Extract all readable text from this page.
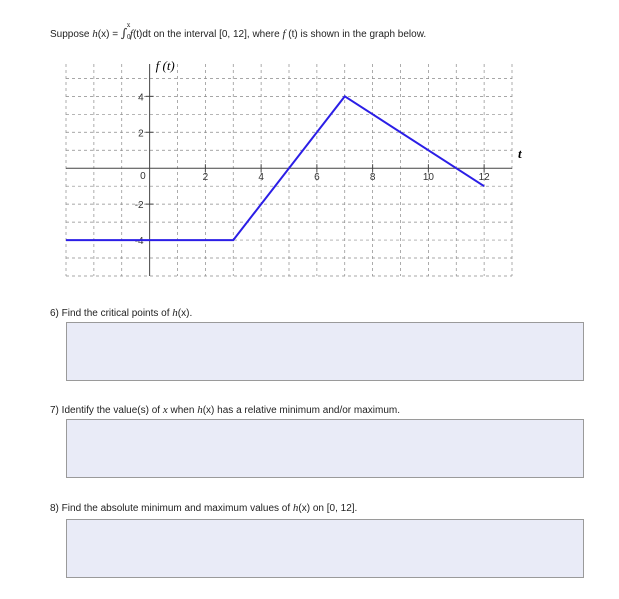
Suppose h(x) = ∫
x
0 f(t)dt on the interval [0, 12], where f (t) is shown in the graph below.
2	4	6	8	10	12
4
2
-2
-4
0
f (t)
t
6) Find the critical points of h(x).
7) Identify the value(s) of x when h(x) has a relative minimum and/or maximum.
8) Find the absolute minimum and maximum values of h(x) on [0, 12].
